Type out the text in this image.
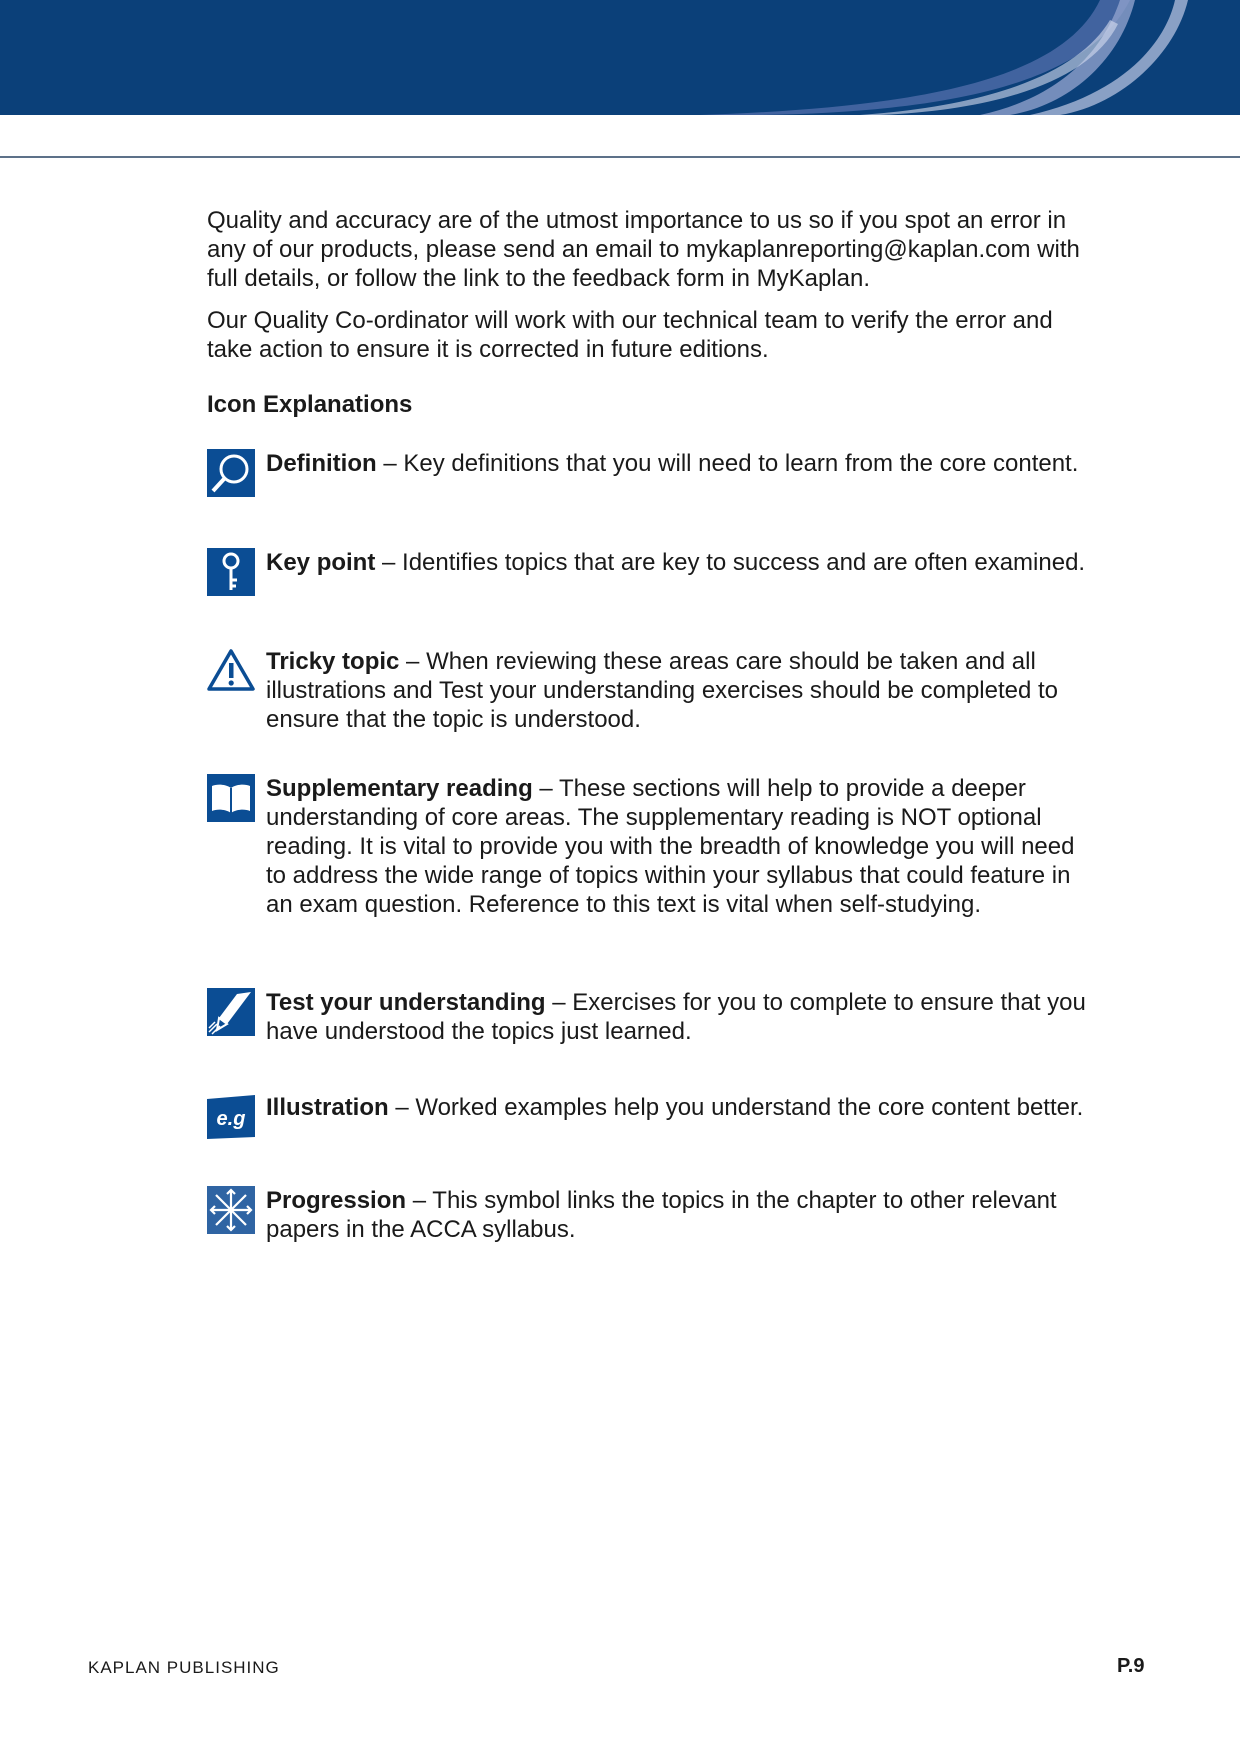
Quality and accuracy are of the utmost importance to us so if you spot an error in any of our products, please send an email to mykaplanreporting@kaplan.com with full details, or follow the link to the feedback form in MyKaplan.

Our Quality Co-ordinator will work with our technical team to verify the error and take action to ensure it is corrected in future editions.

Icon Explanations
Definition – Key definitions that you will need to learn from the core content.
Key point – Identifies topics that are key to success and are often examined.
Tricky topic – When reviewing these areas care should be taken and all illustrations and Test your understanding exercises should be completed to ensure that the topic is understood.
Supplementary reading – These sections will help to provide a deeper understanding of core areas. The supplementary reading is NOT optional reading. It is vital to provide you with the breadth of knowledge you will need to address the wide range of topics within your syllabus that could feature in an exam question. Reference to this text is vital when self-studying.
Test your understanding – Exercises for you to complete to ensure that you have understood the topics just learned.
e.g Illustration – Worked examples help you understand the core content better.
Progression – This symbol links the topics in the chapter to other relevant papers in the ACCA syllabus.
KAPLAN PUBLISHING	P.9
